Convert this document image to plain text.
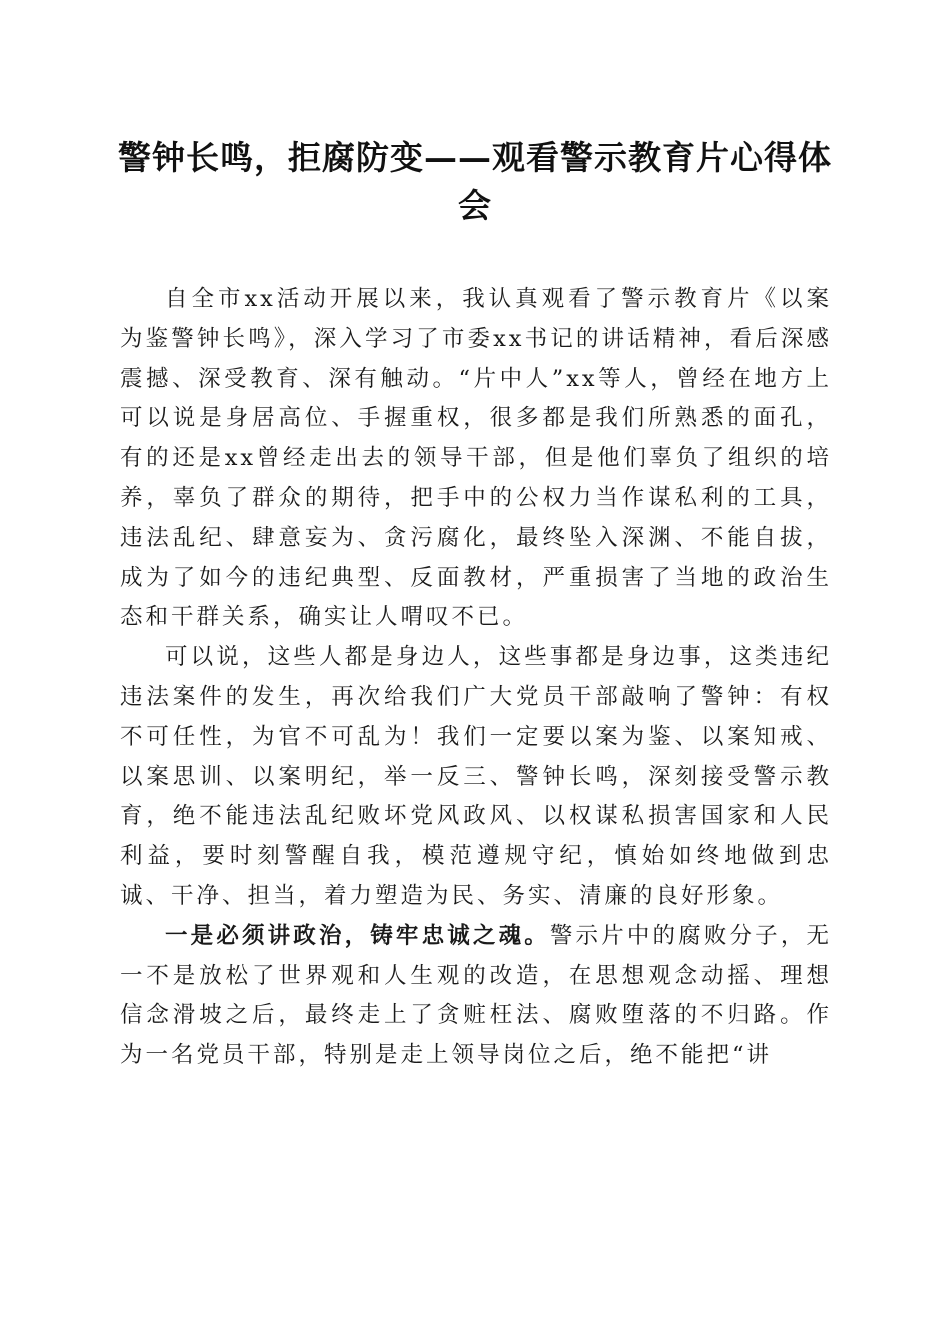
警钟长鸣，拒腐防变——观看警示教育片心得体会

自全市xx活动开展以来，我认真观看了警示教育片《以案为鉴警钟长鸣》，深入学习了市委xx书记的讲话精神，看后深感震撼、深受教育、深有触动。“片中人”xx等人，曾经在地方上可以说是身居高位、手握重权，很多都是我们所熟悉的面孔，有的还是xx曾经走出去的领导干部，但是他们辜负了组织的培养，辜负了群众的期待，把手中的公权力当作谋私利的工具，违法乱纪、肆意妄为、贪污腐化，最终坠入深渊、不能自拔，成为了如今的违纪典型、反面教材，严重损害了当地的政治生态和干群关系，确实让人喟叹不已。

可以说，这些人都是身边人，这些事都是身边事，这类违纪违法案件的发生，再次给我们广大党员干部敲响了警钟：有权不可任性，为官不可乱为！我们一定要以案为鉴、以案知戒、以案思训、以案明纪，举一反三、警钟长鸣，深刻接受警示教育，绝不能违法乱纪败坏党风政风、以权谋私损害国家和人民利益，要时刻警醒自我，模范遵规守纪，慎始如终地做到忠诚、干净、担当，着力塑造为民、务实、清廉的良好形象。

一是必须讲政治，铸牢忠诚之魂。警示片中的腐败分子，无一不是放松了世界观和人生观的改造，在思想观念动摇、理想信念滑坡之后，最终走上了贪赃枉法、腐败堕落的不归路。作为一名党员干部，特别是走上领导岗位之后，绝不能把“讲
